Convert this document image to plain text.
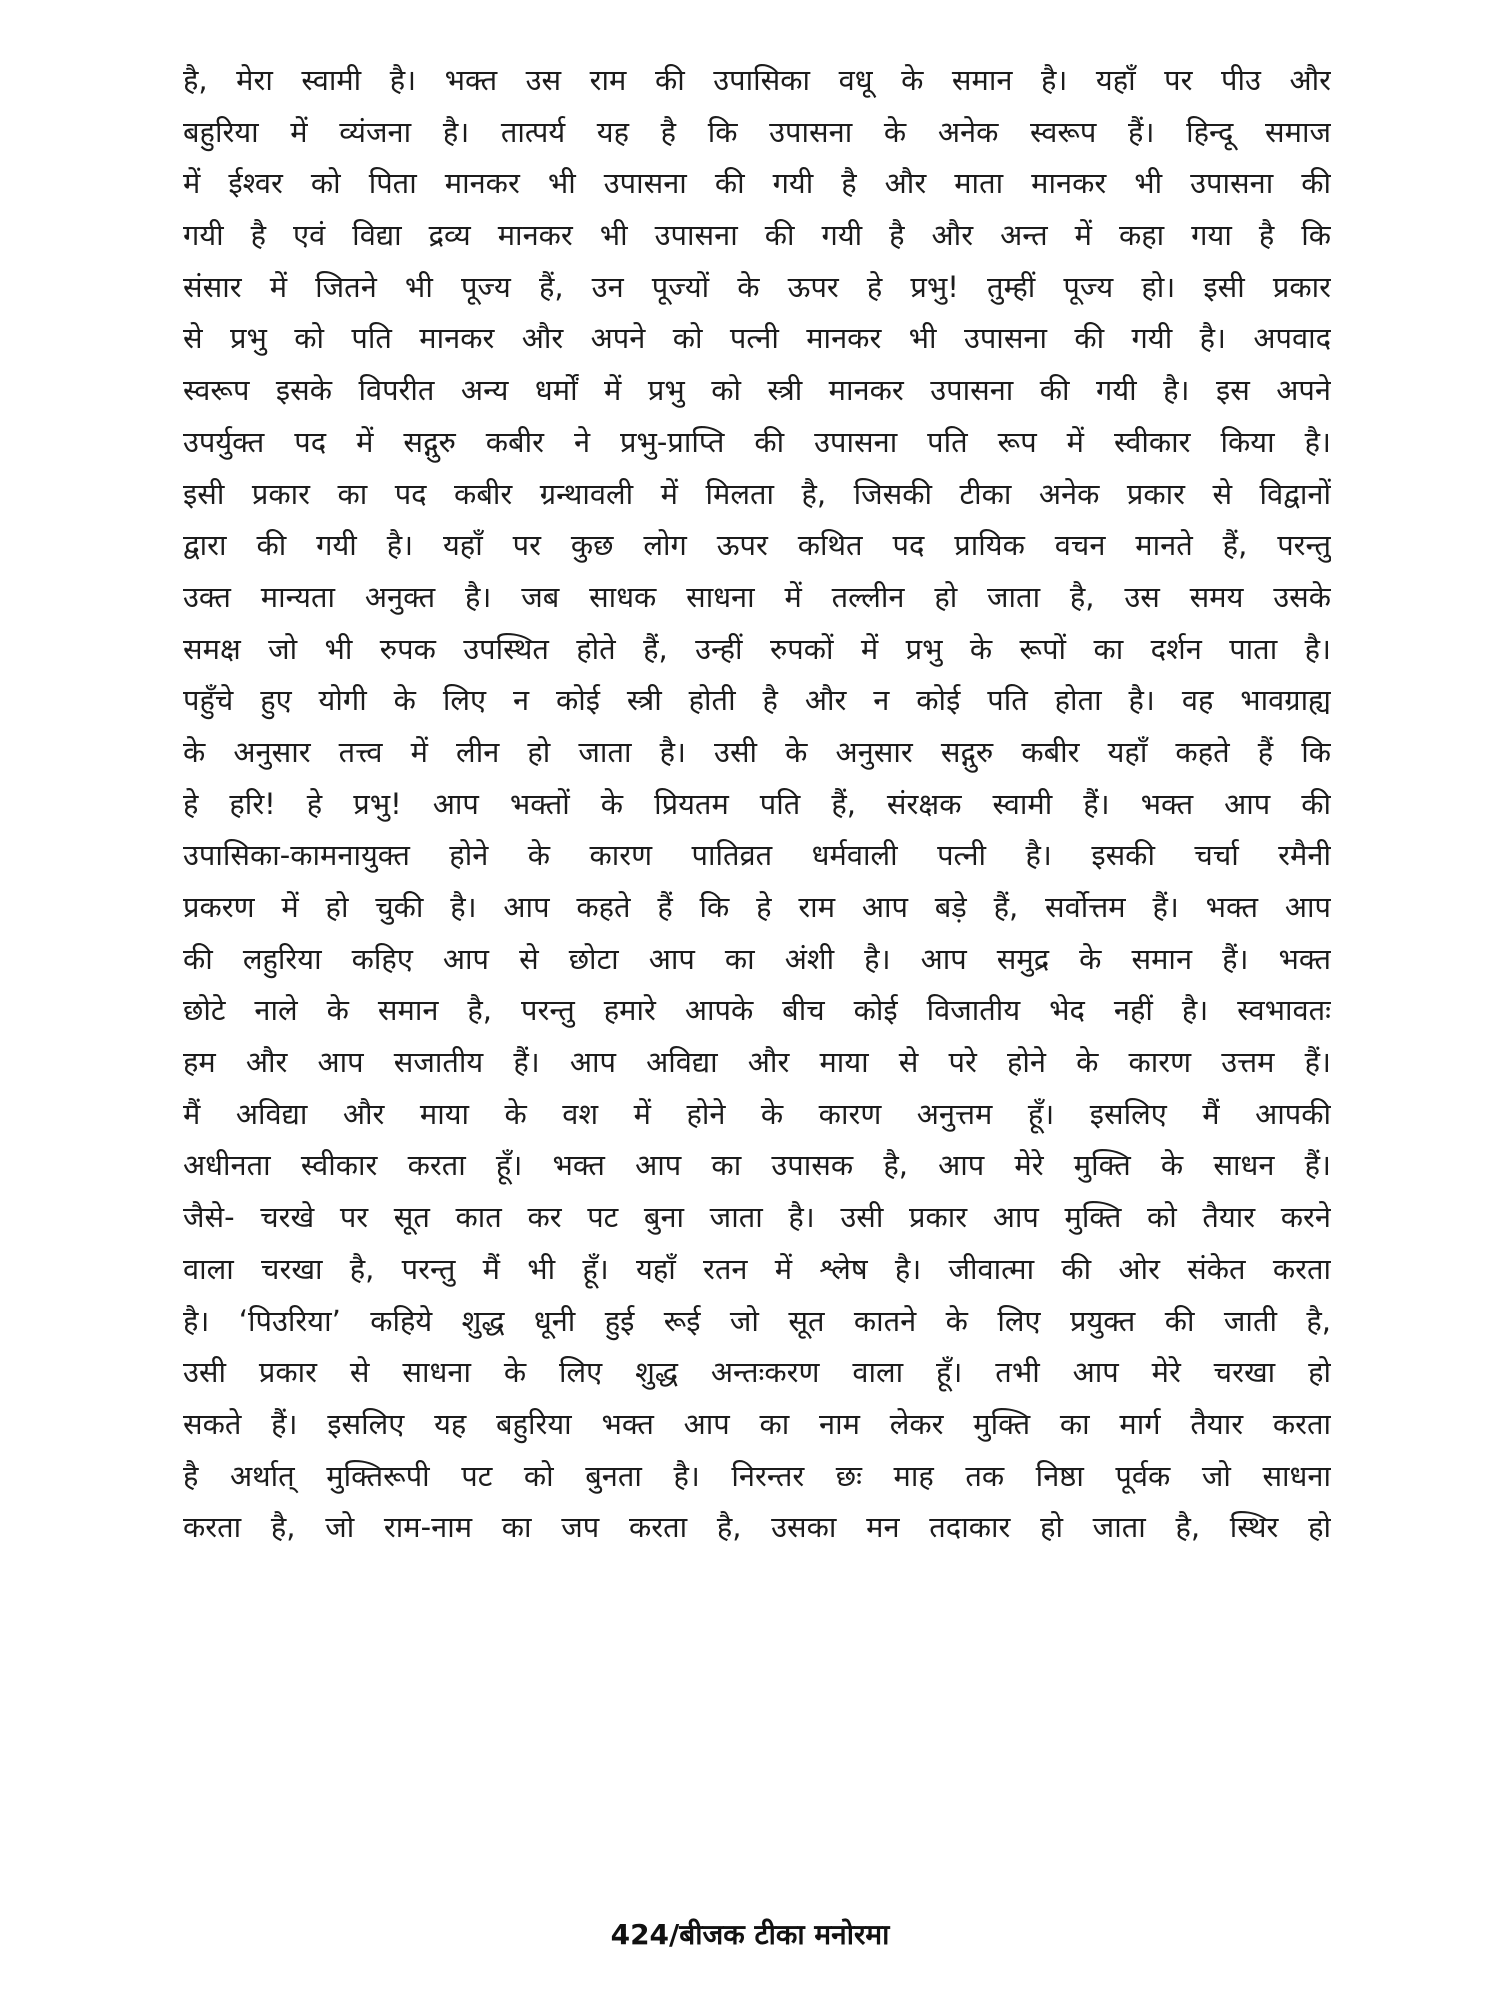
है, मेरा स्वामी है। भक्त उस राम की उपासिका वधू के समान है। यहाँ पर पीउ और
बहुरिया में व्यंजना है। तात्पर्य यह है कि उपासना के अनेक स्वरूप हैं। हिन्दू समाज
में ईश्वर को पिता मानकर भी उपासना की गयी है और माता मानकर भी उपासना की
गयी है एवं विद्या द्रव्य मानकर भी उपासना की गयी है और अन्त में कहा गया है कि
संसार में जितने भी पूज्य हैं, उन पूज्यों के ऊपर हे प्रभु! तुम्हीं पूज्य हो। इसी प्रकार
से प्रभु को पति मानकर और अपने को पत्नी मानकर भी उपासना की गयी है। अपवाद
स्वरूप इसके विपरीत अन्य धर्मों में प्रभु को स्त्री मानकर उपासना की गयी है। इस अपने
उपर्युक्त पद में सद्गुरु कबीर ने प्रभु-प्राप्ति की उपासना पति रूप में स्वीकार किया है।
इसी प्रकार का पद कबीर ग्रन्थावली में मिलता है, जिसकी टीका अनेक प्रकार से विद्वानों
द्वारा की गयी है। यहाँ पर कुछ लोग ऊपर कथित पद प्रायिक वचन मानते हैं, परन्तु
उक्त मान्यता अनुक्त है। जब साधक साधना में तल्लीन हो जाता है, उस समय उसके
समक्ष जो भी रुपक उपस्थित होते हैं, उन्हीं रुपकों में प्रभु के रूपों का दर्शन पाता है।
पहुँचे हुए योगी के लिए न कोई स्त्री होती है और न कोई पति होता है। वह भावग्राह्य
के अनुसार तत्त्व में लीन हो जाता है। उसी के अनुसार सद्गुरु कबीर यहाँ कहते हैं कि
हे हरि! हे प्रभु! आप भक्तों के प्रियतम पति हैं, संरक्षक स्वामी हैं। भक्त आप की
उपासिका-कामनायुक्त होने के कारण पातिव्रत धर्मवाली पत्नी है। इसकी चर्चा रमैनी
प्रकरण में हो चुकी है। आप कहते हैं कि हे राम आप बड़े हैं, सर्वोत्तम हैं। भक्त आप
की लहुरिया कहिए आप से छोटा आप का अंशी है। आप समुद्र के समान हैं। भक्त
छोटे नाले के समान है, परन्तु हमारे आपके बीच कोई विजातीय भेद नहीं है। स्वभावतः
हम और आप सजातीय हैं। आप अविद्या और माया से परे होने के कारण उत्तम हैं।
मैं अविद्या और माया के वश में होने के कारण अनुत्तम हूँ। इसलिए मैं आपकी
अधीनता स्वीकार करता हूँ। भक्त आप का उपासक है, आप मेरे मुक्ति के साधन हैं।
जैसे- चरखे पर सूत कात कर पट बुना जाता है। उसी प्रकार आप मुक्ति को तैयार करने
वाला चरखा है, परन्तु मैं भी हूँ। यहाँ रतन में श्लेष है। जीवात्मा की ओर संकेत करता
है। ‘पिउरिया’ कहिये शुद्ध धूनी हुई रूई जो सूत कातने के लिए प्रयुक्त की जाती है,
उसी प्रकार से साधना के लिए शुद्ध अन्तःकरण वाला हूँ। तभी आप मेरे चरखा हो
सकते हैं। इसलिए यह बहुरिया भक्त आप का नाम लेकर मुक्ति का मार्ग तैयार करता
है अर्थात् मुक्तिरूपी पट को बुनता है। निरन्तर छः माह तक निष्ठा पूर्वक जो साधना
करता है, जो राम-नाम का जप करता है, उसका मन तदाकार हो जाता है, स्थिर हो
424/बीजक टीका मनोरमा
